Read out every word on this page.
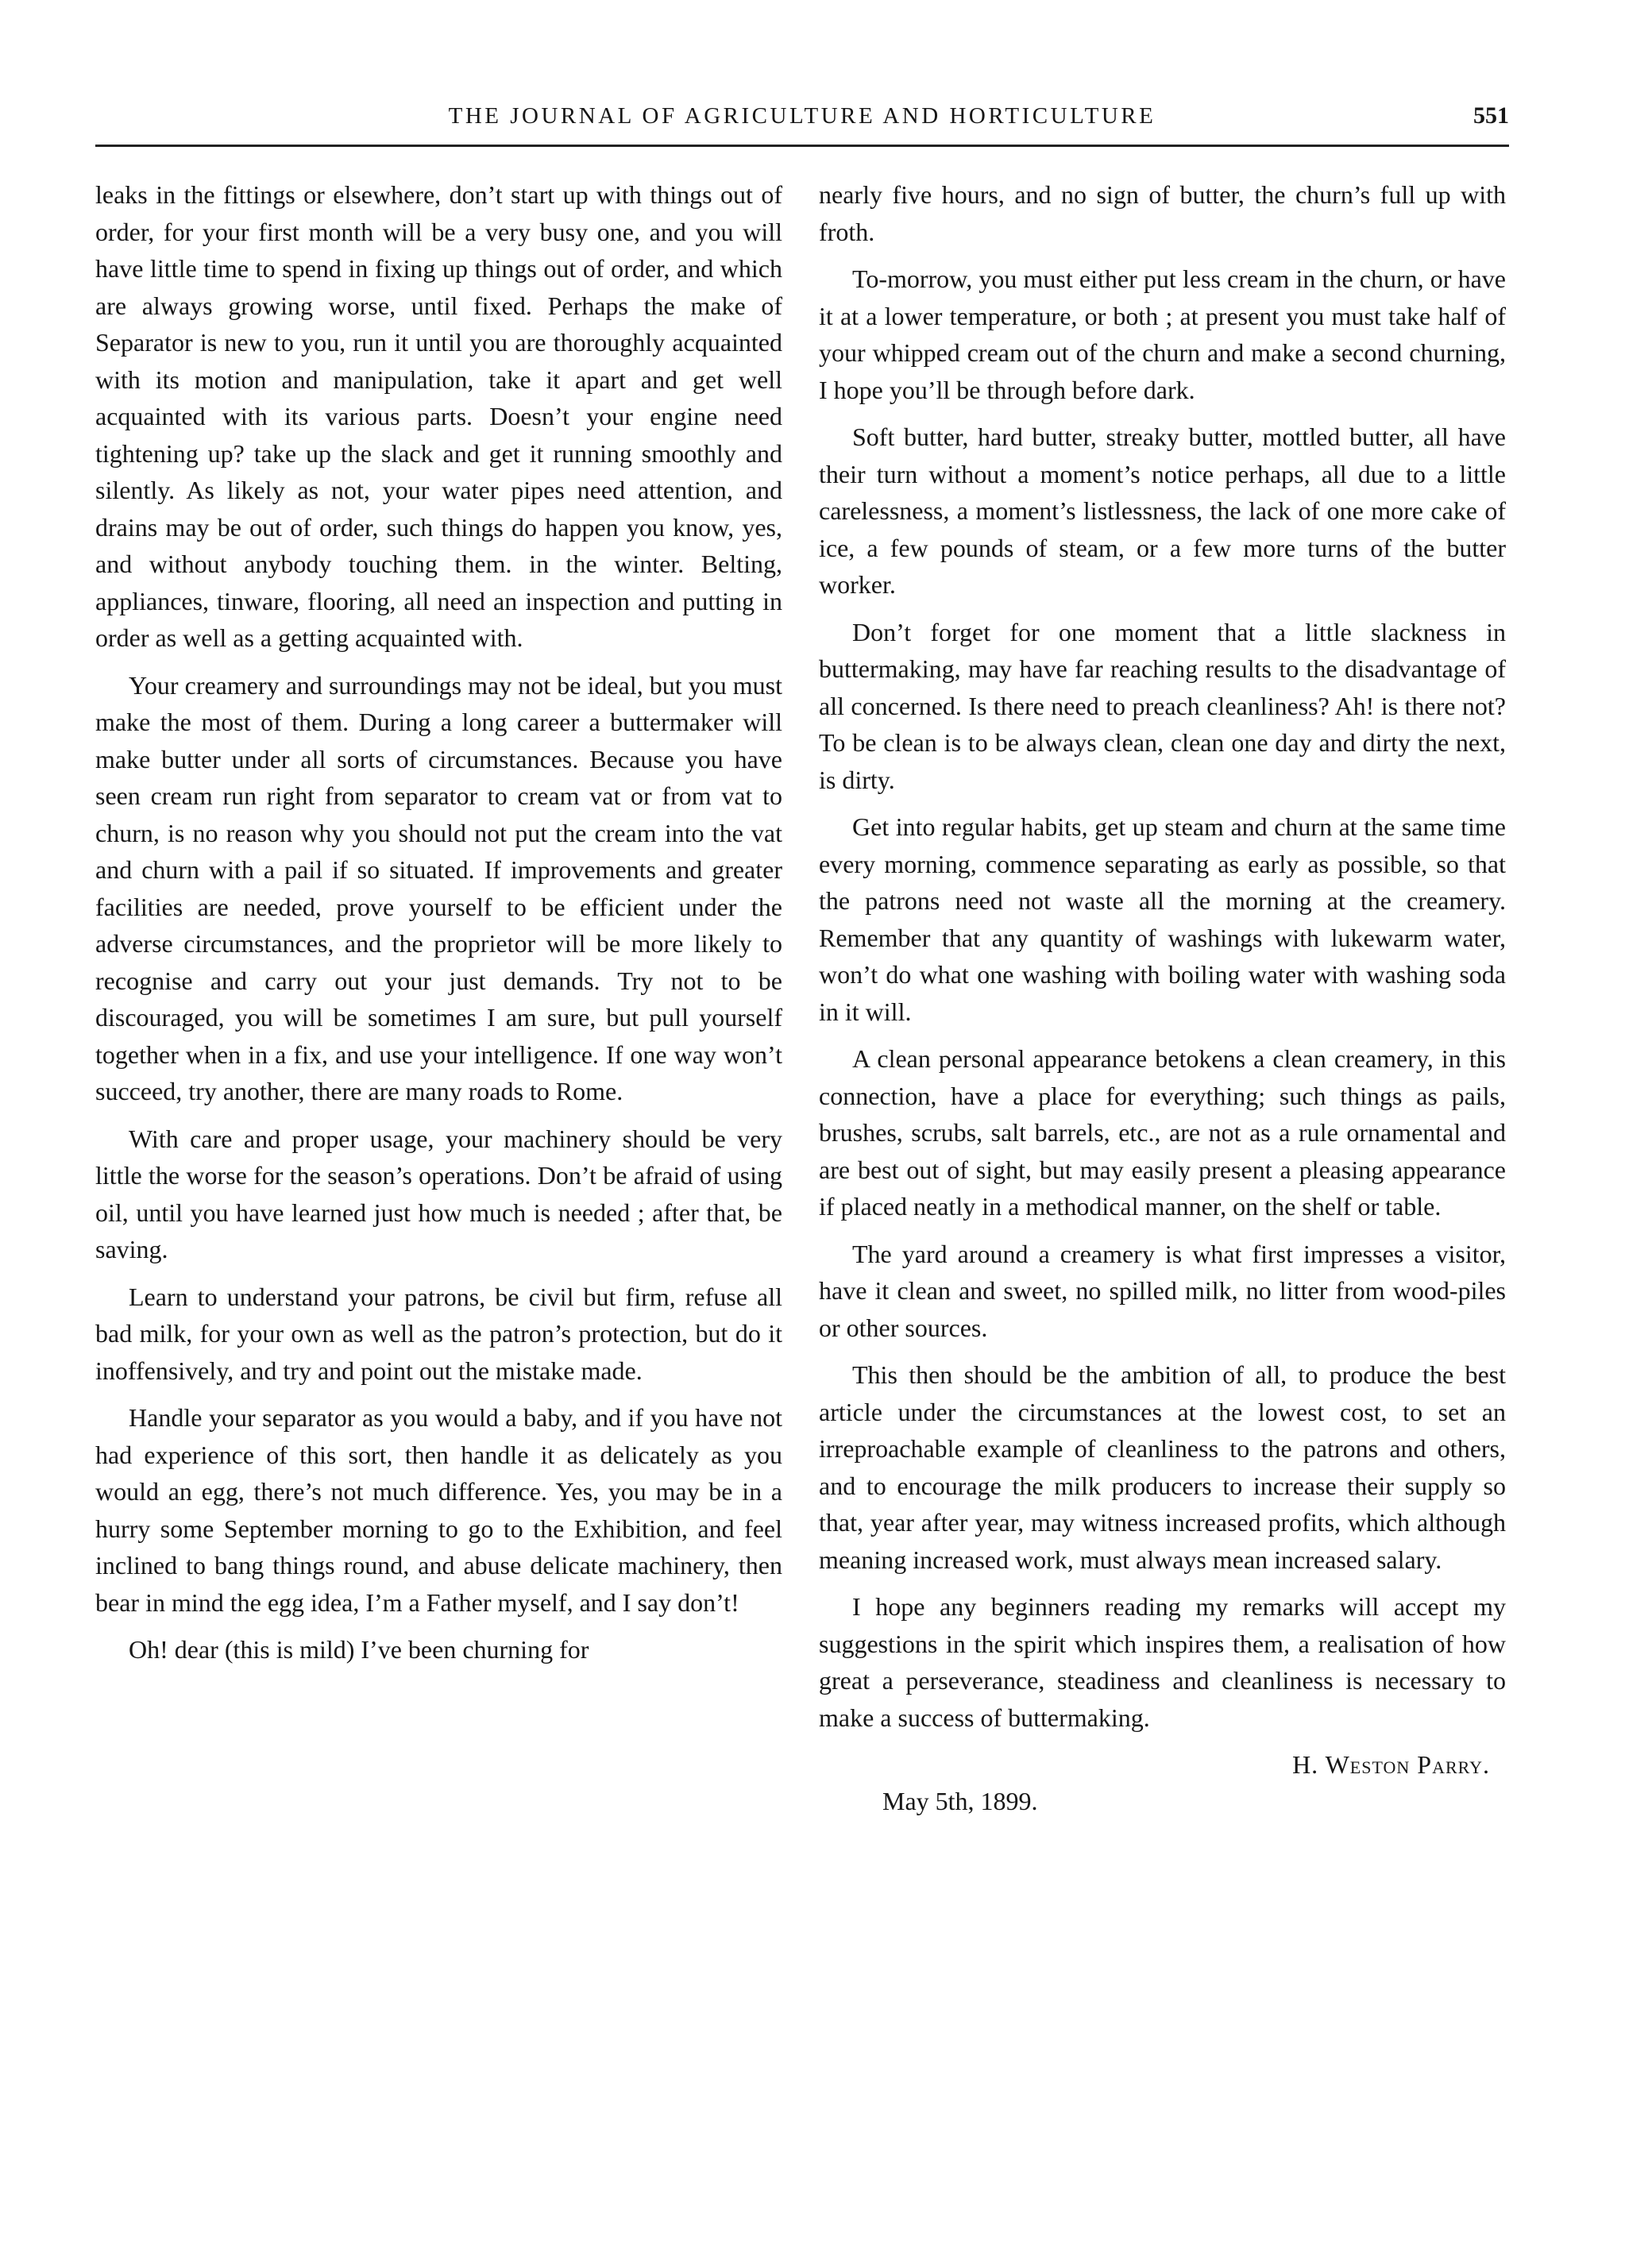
THE JOURNAL OF AGRICULTURE AND HORTICULTURE	551

leaks in the fittings or elsewhere, don’t start up with things out of order, for your first month will be a very busy one, and you will have little time to spend in fixing up things out of order, and which are always growing worse, until fixed. Perhaps the make of Separator is new to you, run it until you are thoroughly acquainted with its motion and manipulation, take it apart and get well acquainted with its various parts. Doesn’t your engine need tightening up? take up the slack and get it running smoothly and silently. As likely as not, your water pipes need attention, and drains may be out of order, such things do happen you know, yes, and without anybody touching them. in the winter. Belting, appliances, tinware, flooring, all need an inspection and putting in order as well as a getting acquainted with.

Your creamery and surroundings may not be ideal, but you must make the most of them. During a long career a buttermaker will make butter under all sorts of circumstances. Because you have seen cream run right from separator to cream vat or from vat to churn, is no reason why you should not put the cream into the vat and churn with a pail if so situated. If improvements and greater facilities are needed, prove yourself to be efficient under the adverse circumstances, and the proprietor will be more likely to recognise and carry out your just demands. Try not to be discouraged, you will be sometimes I am sure, but pull yourself together when in a fix, and use your intelligence. If one way won’t succeed, try another, there are many roads to Rome.

With care and proper usage, your machinery should be very little the worse for the season’s operations. Don’t be afraid of using oil, until you have learned just how much is needed ; after that, be saving.

Learn to understand your patrons, be civil but firm, refuse all bad milk, for your own as well as the patron’s protection, but do it inoffensively, and try and point out the mistake made.

Handle your separator as you would a baby, and if you have not had experience of this sort, then handle it as delicately as you would an egg, there’s not much difference. Yes, you may be in a hurry some September morning to go to the Exhibition, and feel inclined to bang things round, and abuse delicate machinery, then bear in mind the egg idea, I’m a Father myself, and I say don’t!

Oh! dear (this is mild) I’ve been churning for

nearly five hours, and no sign of butter, the churn’s full up with froth.

To-morrow, you must either put less cream in the churn, or have it at a lower temperature, or both ; at present you must take half of your whipped cream out of the churn and make a second churning, I hope you’ll be through before dark.

Soft butter, hard butter, streaky butter, mottled butter, all have their turn without a moment’s notice perhaps, all due to a little carelessness, a moment’s listlessness, the lack of one more cake of ice, a few pounds of steam, or a few more turns of the butter worker.

Don’t forget for one moment that a little slackness in buttermaking, may have far reaching results to the disadvantage of all concerned. Is there need to preach cleanliness? Ah! is there not? To be clean is to be always clean, clean one day and dirty the next, is dirty.

Get into regular habits, get up steam and churn at the same time every morning, commence separating as early as possible, so that the patrons need not waste all the morning at the creamery. Remember that any quantity of washings with lukewarm water, won’t do what one washing with boiling water with washing soda in it will.

A clean personal appearance betokens a clean creamery, in this connection, have a place for everything; such things as pails, brushes, scrubs, salt barrels, etc., are not as a rule ornamental and are best out of sight, but may easily present a pleasing appearance if placed neatly in a methodical manner, on the shelf or table.

The yard around a creamery is what first impresses a visitor, have it clean and sweet, no spilled milk, no litter from wood-piles or other sources.

This then should be the ambition of all, to produce the best article under the circumstances at the lowest cost, to set an irreproachable example of cleanliness to the patrons and others, and to encourage the milk producers to increase their supply so that, year after year, may witness increased profits, which although meaning increased work, must always mean increased salary.

I hope any beginners reading my remarks will accept my suggestions in the spirit which inspires them, a realisation of how great a perseverance, steadiness and cleanliness is necessary to make a success of buttermaking.

H. Weston Parry.
May 5th, 1899.
